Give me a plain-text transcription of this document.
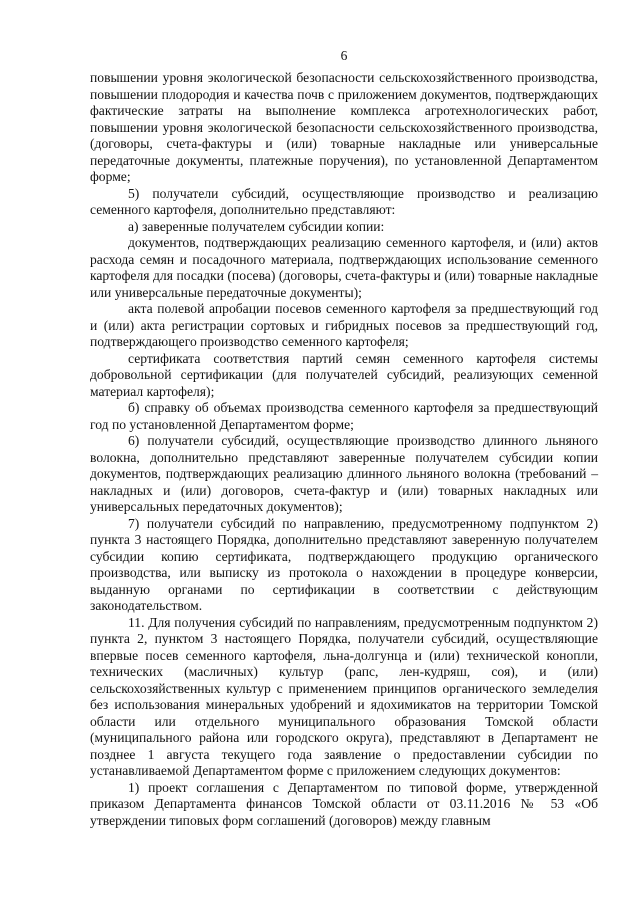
6

повышении уровня экологической безопасности сельскохозяйственного производства, повышении плодородия и качества почв с приложением документов, подтверждающих фактические затраты на выполнение комплекса агротехнологических работ, повышении уровня экологической безопасности сельскохозяйственного производства, (договоры, счета-фактуры и (или) товарные накладные или универсальные передаточные документы, платежные поручения), по установленной Департаментом форме;

5) получатели субсидий, осуществляющие производство и реализацию семенного картофеля, дополнительно представляют:

а) заверенные получателем субсидии копии:

документов, подтверждающих реализацию семенного картофеля, и (или) актов расхода семян и посадочного материала, подтверждающих использование семенного картофеля для посадки (посева) (договоры, счета-фактуры и (или) товарные накладные или универсальные передаточные документы);

акта полевой апробации посевов семенного картофеля за предшествующий год и (или) акта регистрации сортовых и гибридных посевов за предшествующий год, подтверждающего производство семенного картофеля;

сертификата соответствия партий семян семенного картофеля системы добровольной сертификации (для получателей субсидий, реализующих семенной материал картофеля);

б) справку об объемах производства семенного картофеля за предшествующий год по установленной Департаментом форме;

6) получатели субсидий, осуществляющие производство длинного льняного волокна, дополнительно представляют заверенные получателем субсидии копии документов, подтверждающих реализацию длинного льняного волокна (требований – накладных и (или) договоров, счета-фактур и (или) товарных накладных или универсальных передаточных документов);

7) получатели субсидий по направлению, предусмотренному подпунктом 2) пункта 3 настоящего Порядка, дополнительно представляют заверенную получателем субсидии копию сертификата, подтверждающего продукцию органического производства, или выписку из протокола о нахождении в процедуре конверсии, выданную органами по сертификации в соответствии с действующим законодательством.

11. Для получения субсидий по направлениям, предусмотренным подпунктом 2) пункта 2, пунктом 3 настоящего Порядка, получатели субсидий, осуществляющие впервые посев семенного картофеля, льна-долгунца и (или) технической конопли, технических (масличных) культур (рапс, лен-кудряш, соя), и (или) сельскохозяйственных культур с применением принципов органического земледелия без использования минеральных удобрений и ядохимикатов на территории Томской области или отдельного муниципального образования Томской области (муниципального района или городского округа), представляют в Департамент не позднее 1 августа текущего года заявление о предоставлении субсидии по устанавливаемой Департаментом форме с приложением следующих документов:

1) проект соглашения с Департаментом по типовой форме, утвержденной приказом Департамента финансов Томской области от 03.11.2016 № 53 «Об утверждении типовых форм соглашений (договоров) между главным
